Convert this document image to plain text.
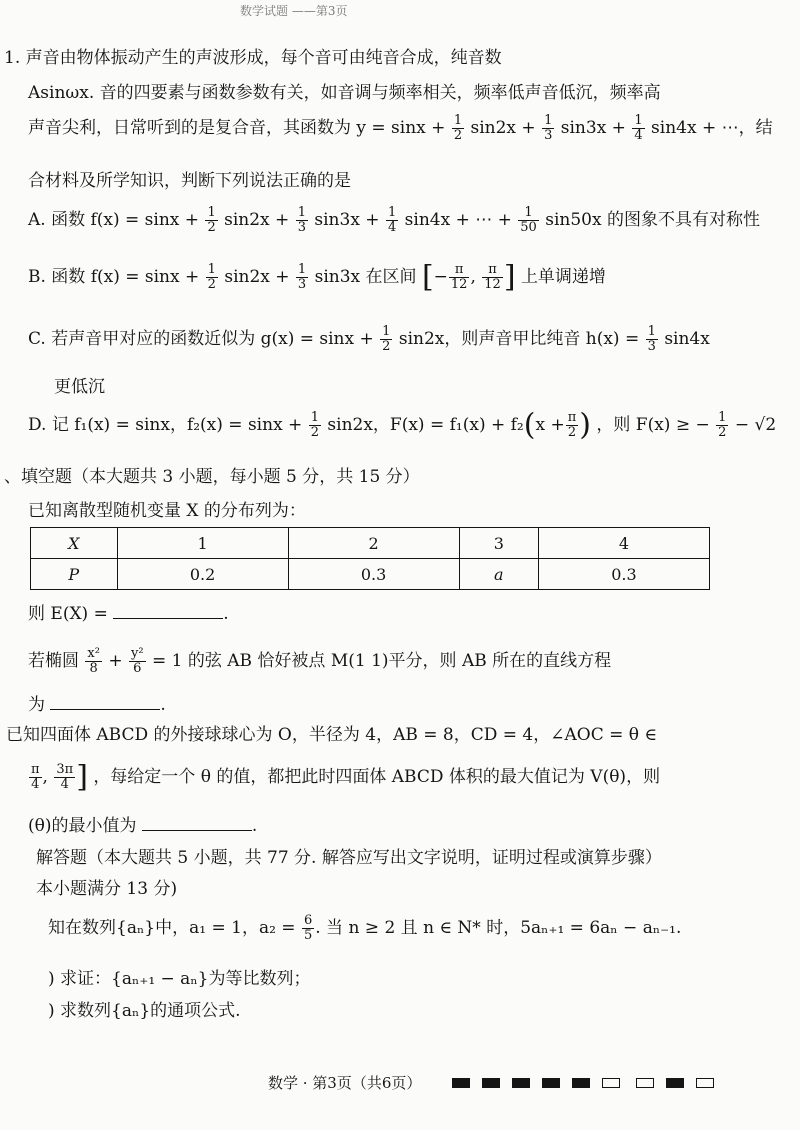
数学试题 ——第3页
1. 声音由物体振动产生的声波形成，每个音可由纯音合成，纯音数
Asinωx. 音的四要素与函数参数有关，如音调与频率相关，频率低声音低沉，频率高
声音尖利，日常听到的是复合音，其函数为 $y = \sin x + \frac{1}{2} \sin 2x + \frac{1}{3} \sin 3x + \frac{1}{4} \sin 4x$ + ⋯，结
合材料及所学知识，判断下列说法正确的是
A. 函数 $f(x) = \sin x + \frac{1}{2} \sin 2x + \frac{1}{3} \sin 3x + \frac{1}{4} \sin 4x$ + ⋯ + $\frac{1}{50} \sin 50x$ 的图象不具有对称性
B. 函数 $f(x) = \sin x + \frac{1}{2} \sin 2x + \frac{1}{3} \sin 3x$ 在区间 [− $\frac{\pi}{12}$ , $\frac{\pi}{12}$ ] 上单调递增
C. 若声音甲对应的函数近似为 $g(x) = \sin x + \frac{1}{2} \sin 2x$，则声音甲比纯音 $h(x) = \frac{1}{3} \sin 4x$
更低沉
D. 记 f₁(x) = sinx，$f_2(x) = \sin x + \frac{1}{2} \sin 2x$，$F(x) = f_1(x) + f_2(x + \frac{\pi}{2}$ ) ，则 F(x) ≥ − $\frac{1}{2} - √2$
、填空题（本大题共 3 小题，每小题 5 分，共 15 分）
已知离散型随机变量 X 的分布列为：
X	1	2	3	4
P	0.2	0.3	a	0.3
则 E(X) =	.
若椭圆 $\frac{\text{x²}}{8} + \frac{\text{y²}}{6} = 1$ 的弦 AB 恰好被点 M(1 1)平分，则 AB 所在的直线方程
为	.
已知四面体 ABCD 的外接球球心为 O，半径为 4，AB = 8，CD = 4，∠AOC = θ ∈
$\frac{\pi}{4}$ , $\frac{3\pi}{4}$ ] ，每给定一个 θ 的值，都把此时四面体 ABCD 体积的最大值记为 V(θ)，则
(θ)的最小值为	.
解答题（本大题共 5 小题，共 77 分. 解答应写出文字说明，证明过程或演算步骤）
本小题满分 13 分)
知在数列{aₙ}中，a₁ = 1，$a_2 = \frac{6}{5}$ . 当 n ≥ 2 且 n ∈ N* 时，5aₙ₊₁ = 6aₙ − aₙ₋₁.
) 求证：{aₙ₊₁ − aₙ}为等比数列；
) 求数列{aₙ}的通项公式.
数学 · 第3页（共6页）
